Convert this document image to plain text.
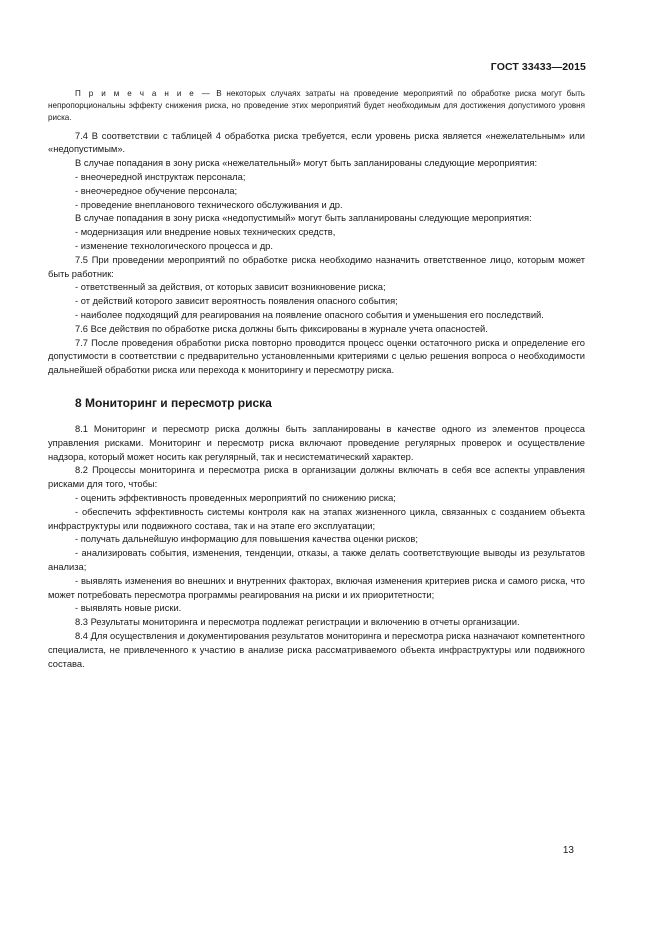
ГОСТ 33433—2015
П р и м е ч а н и е — В некоторых случаях затраты на проведение мероприятий по обработке риска могут быть непропорциональны эффекту снижения риска, но проведение этих мероприятий будет необходимым для достижения допустимого уровня риска.

7.4 В соответствии с таблицей 4 обработка риска требуется, если уровень риска является «нежелательным» или «недопустимым».

В случае попадания в зону риска «нежелательный» могут быть запланированы следующие мероприятия:

- внеочередной инструктаж персонала;
- внеочередное обучение персонала;
- проведение внепланового технического обслуживания и др.

В случае попадания в зону риска «недопустимый» могут быть запланированы следующие мероприятия:

- модернизация или внедрение новых технических средств,
- изменение технологического процесса и др.

7.5 При проведении мероприятий по обработке риска необходимо назначить ответственное лицо, которым может быть работник:

- ответственный за действия, от которых зависит возникновение риска;
- от действий которого зависит вероятность появления опасного события;
- наиболее подходящий для реагирования на появление опасного события и уменьшения его последствий.

7.6 Все действия по обработке риска должны быть фиксированы в журнале учета опасностей.

7.7 После проведения обработки риска повторно проводится процесс оценки остаточного риска и определение его допустимости в соответствии с предварительно установленными критериями с целью решения вопроса о необходимости дальнейшей обработки риска или перехода к мониторингу и пересмотру риска.

8 Мониторинг и пересмотр риска

8.1 Мониторинг и пересмотр риска должны быть запланированы в качестве одного из элементов процесса управления рисками. Мониторинг и пересмотр риска включают проведение регулярных проверок и осуществление надзора, который может носить как регулярный, так и несистематический характер.

8.2 Процессы мониторинга и пересмотра риска в организации должны включать в себя все аспекты управления рисками для того, чтобы:

- оценить эффективность проведенных мероприятий по снижению риска;
- обеспечить эффективность системы контроля как на этапах жизненного цикла, связанных с созданием объекта инфраструктуры или подвижного состава, так и на этапе его эксплуатации;
- получать дальнейшую информацию для повышения качества оценки рисков;
- анализировать события, изменения, тенденции, отказы, а также делать соответствующие выводы из результатов анализа;
- выявлять изменения во внешних и внутренних факторах, включая изменения критериев риска и самого риска, что может потребовать пересмотра программы реагирования на риски и их приоритетности;
- выявлять новые риски.

8.3 Результаты мониторинга и пересмотра подлежат регистрации и включению в отчеты организации.

8.4 Для осуществления и документирования результатов мониторинга и пересмотра риска назначают компетентного специалиста, не привлеченного к участию в анализе риска рассматриваемого объекта инфраструктуры или подвижного состава.

13
